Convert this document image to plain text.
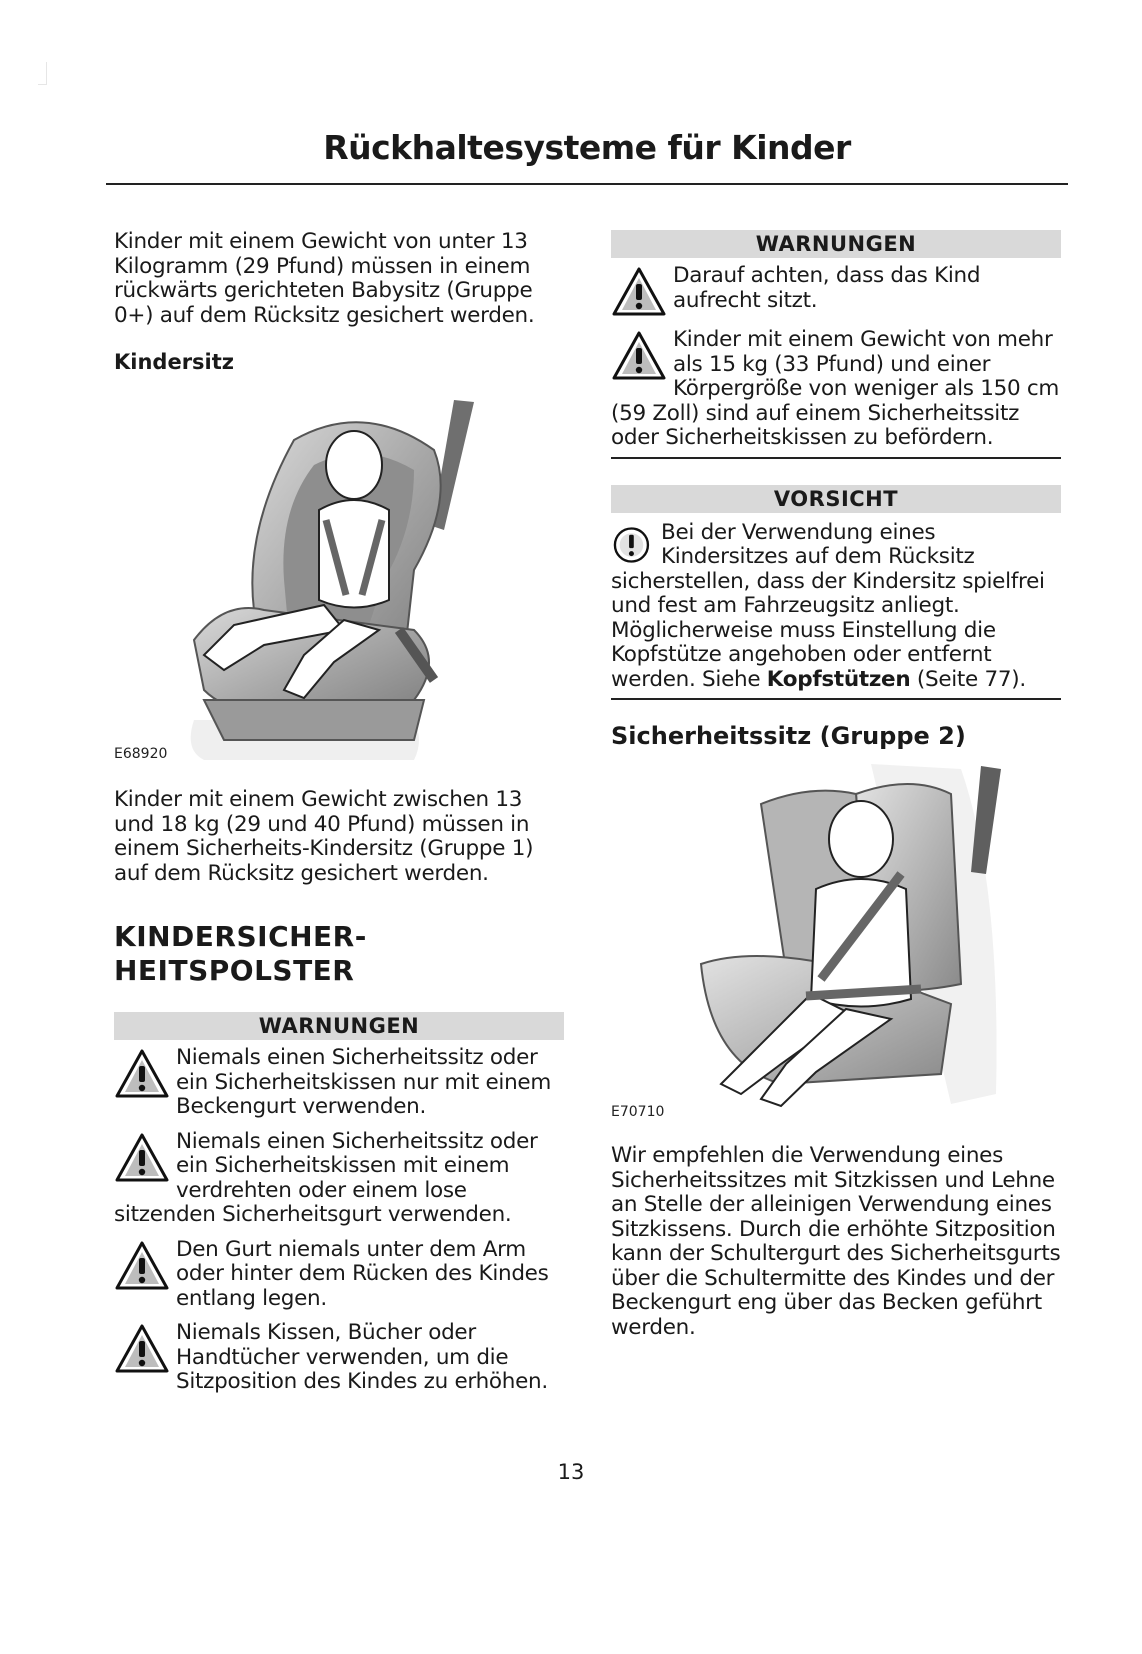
Rückhaltesysteme für Kinder

Kinder mit einem Gewicht von unter 13 Kilogramm (29 Pfund) müssen in einem rückwärts gerichteten Babysitz (Gruppe 0+) auf dem Rücksitz gesichert werden.

Kindersitz

E68920

Kinder mit einem Gewicht zwischen 13 und 18 kg (29 und 40 Pfund) müssen in einem Sicherheits-Kindersitz (Gruppe 1) auf dem Rücksitz gesichert werden.

KINDERSICHER-
HEITSPOLSTER
WARNUNGEN
Niemals einen Sicherheitssitz oder ein Sicherheitskissen nur mit einem Beckengurt verwenden.
Niemals einen Sicherheitssitz oder ein Sicherheitskissen mit einem verdrehten oder einem lose sitzenden Sicherheitsgurt verwenden.
Den Gurt niemals unter dem Arm oder hinter dem Rücken des Kindes entlang legen.
Niemals Kissen, Bücher oder Handtücher verwenden, um die Sitzposition des Kindes zu erhöhen.
WARNUNGEN
Darauf achten, dass das Kind aufrecht sitzt.
Kinder mit einem Gewicht von mehr als 15 kg (33 Pfund) und einer Körpergröße von weniger als 150 cm (59 Zoll) sind auf einem Sicherheitssitz oder Sicherheitskissen zu befördern.
VORSICHT
Bei der Verwendung eines Kindersitzes auf dem Rücksitz sicherstellen, dass der Kindersitz spielfrei und fest am Fahrzeugsitz anliegt. Möglicherweise muss Einstellung die Kopfstütze angehoben oder entfernt werden. Siehe Kopfstützen (Seite 77).

Sicherheitssitz (Gruppe 2)

E70710

Wir empfehlen die Verwendung eines Sicherheitssitzes mit Sitzkissen und Lehne an Stelle der alleinigen Verwendung eines Sitzkissens. Durch die erhöhte Sitzposition kann der Schultergurt des Sicherheitsgurts über die Schultermitte des Kindes und der Beckengurt eng über das Becken geführt werden.

13
